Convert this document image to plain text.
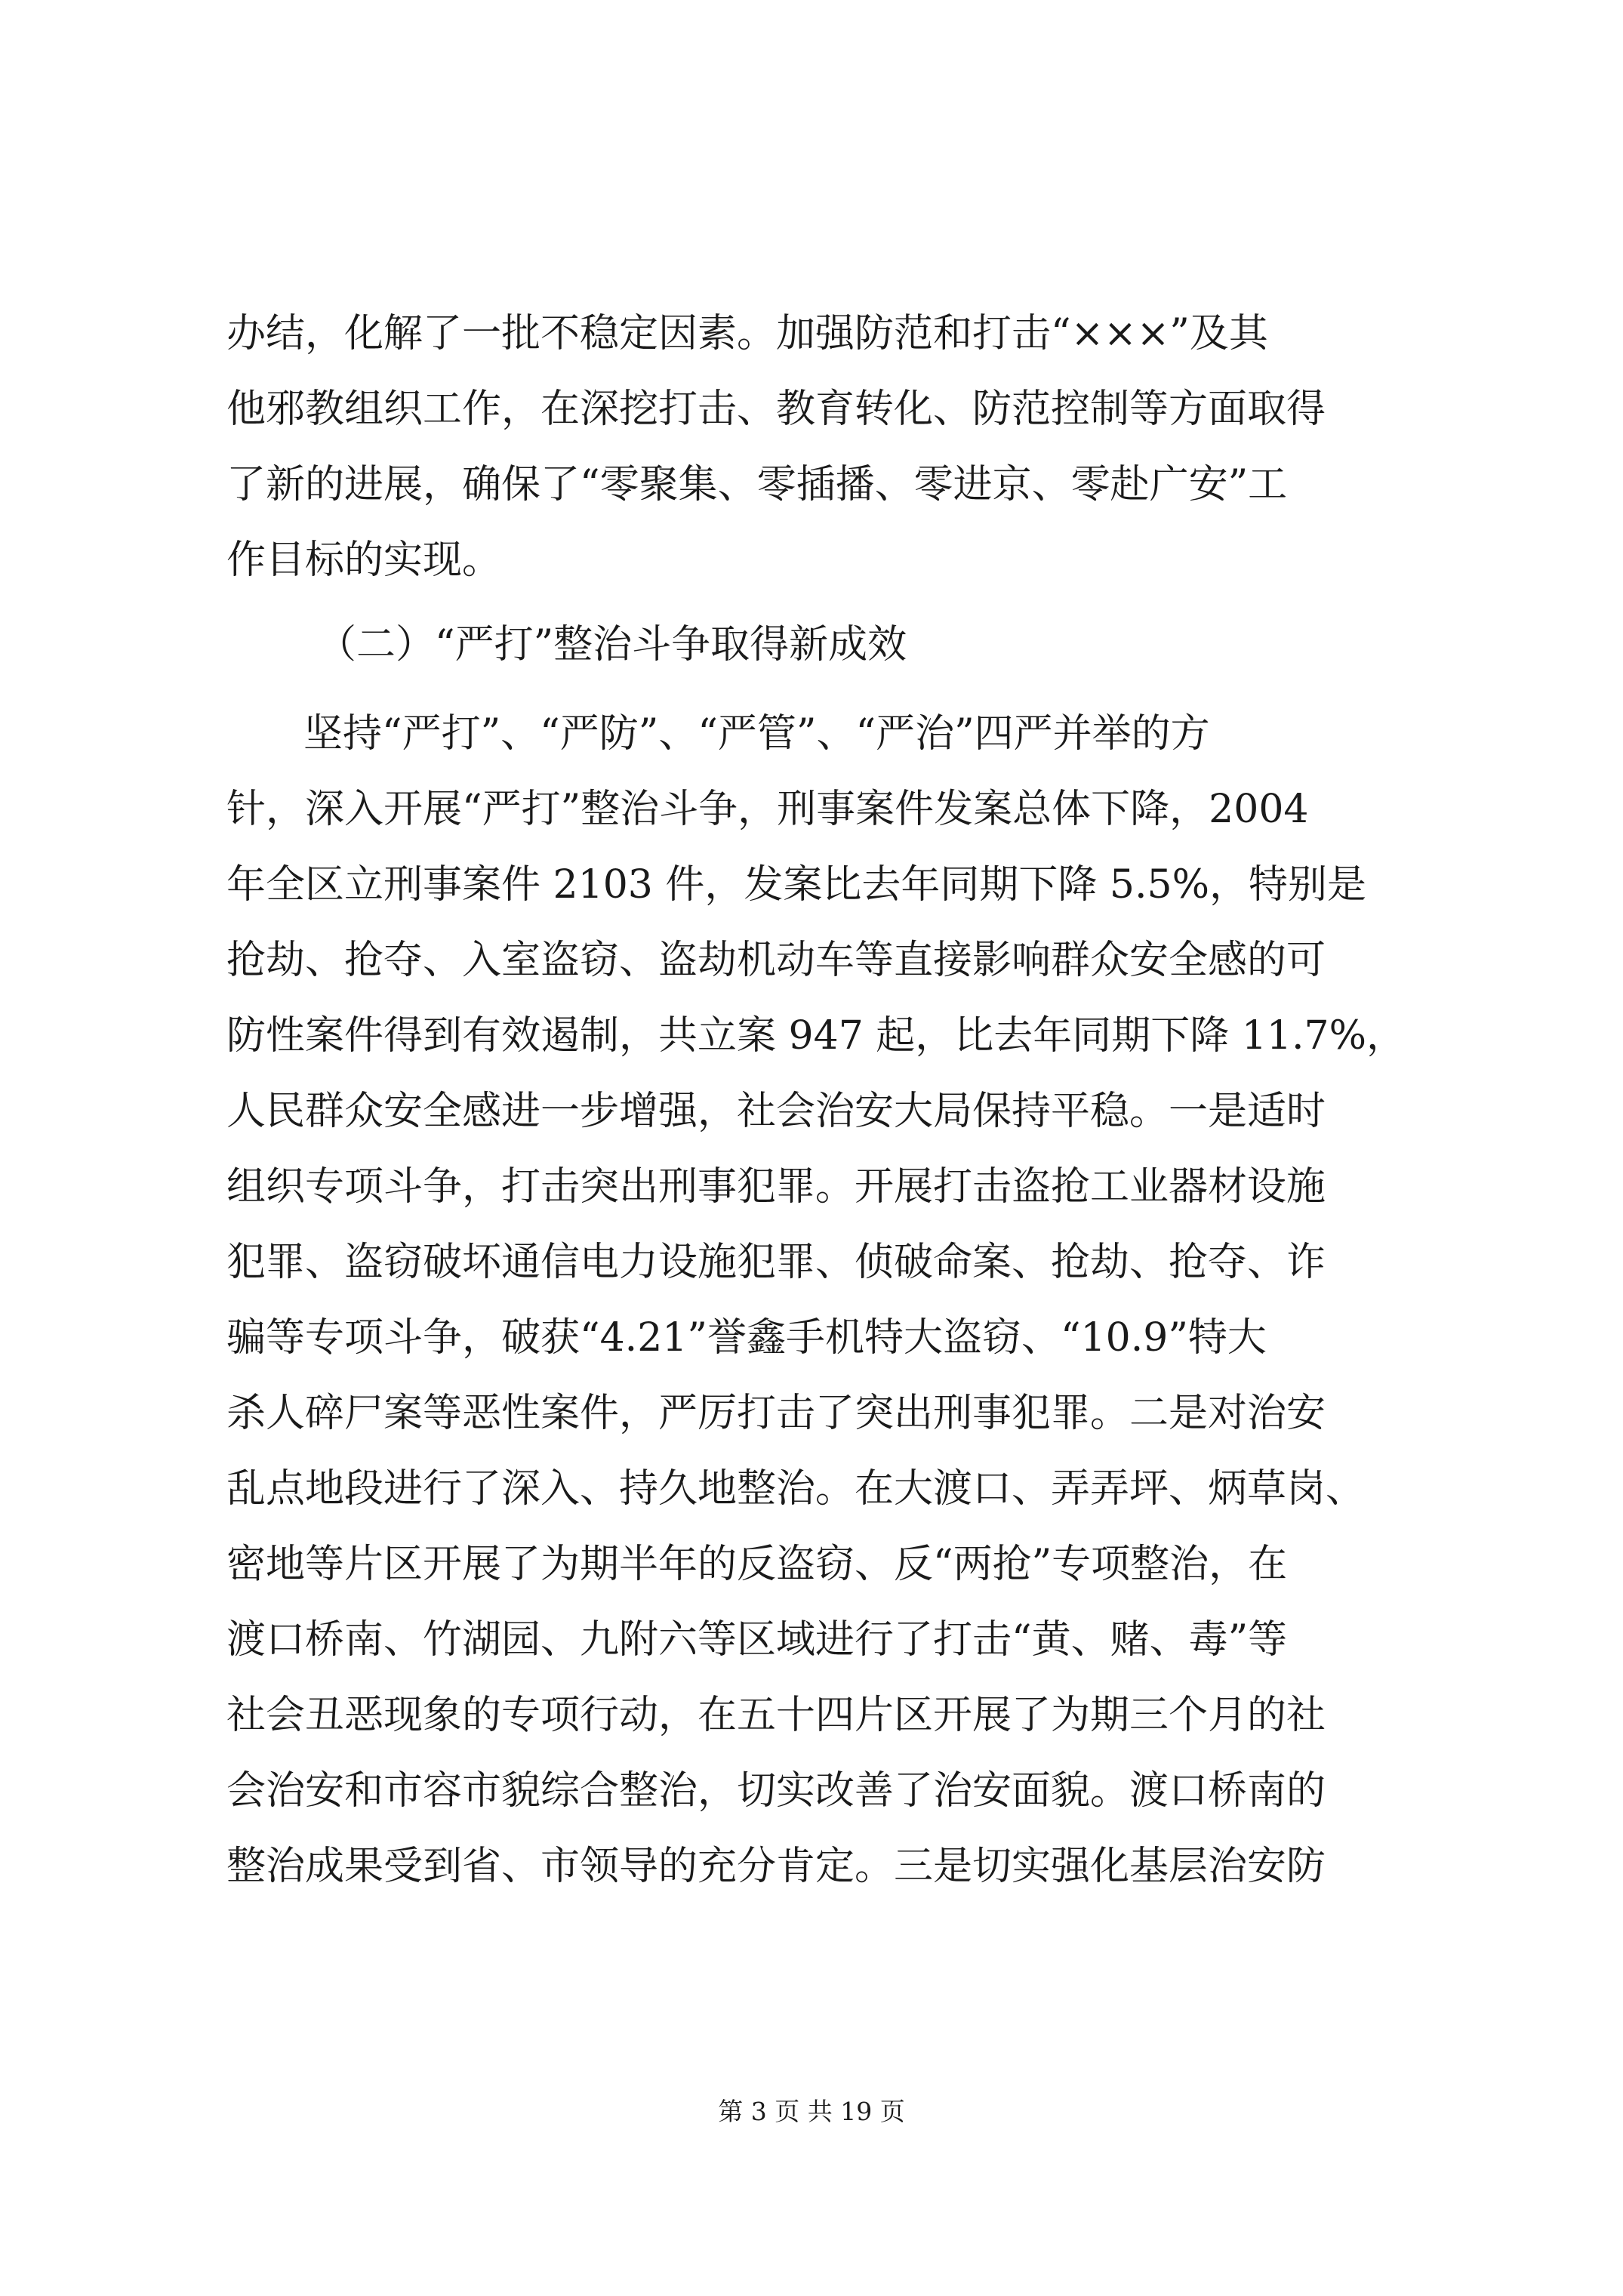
办结，化解了一批不稳定因素。加强防范和打击“×××”及其
他邪教组织工作，在深挖打击、教育转化、防范控制等方面取得
了新的进展，确保了“零聚集、零插播、零进京、零赴广安”工
作目标的实现。
（二）“严打”整治斗争取得新成效
坚持“严打”、“严防”、“严管”、“严治”四严并举的方
针，深入开展“严打”整治斗争，刑事案件发案总体下降，2004
年全区立刑事案件 2103 件，发案比去年同期下降 5.5%，特别是
抢劫、抢夺、入室盗窃、盗劫机动车等直接影响群众安全感的可
防性案件得到有效遏制，共立案 947 起，比去年同期下降 11.7%，
人民群众安全感进一步增强，社会治安大局保持平稳。一是适时
组织专项斗争，打击突出刑事犯罪。开展打击盗抢工业器材设施
犯罪、盗窃破坏通信电力设施犯罪、侦破命案、抢劫、抢夺、诈
骗等专项斗争，破获“4.21”誉鑫手机特大盗窃、“10.9”特大
杀人碎尸案等恶性案件，严厉打击了突出刑事犯罪。二是对治安
乱点地段进行了深入、持久地整治。在大渡口、弄弄坪、炳草岗、
密地等片区开展了为期半年的反盗窃、反“两抢”专项整治，在
渡口桥南、竹湖园、九附六等区域进行了打击“黄、赌、毒”等
社会丑恶现象的专项行动，在五十四片区开展了为期三个月的社
会治安和市容市貌综合整治，切实改善了治安面貌。渡口桥南的
整治成果受到省、市领导的充分肯定。三是切实强化基层治安防
第 3 页 共 19 页
